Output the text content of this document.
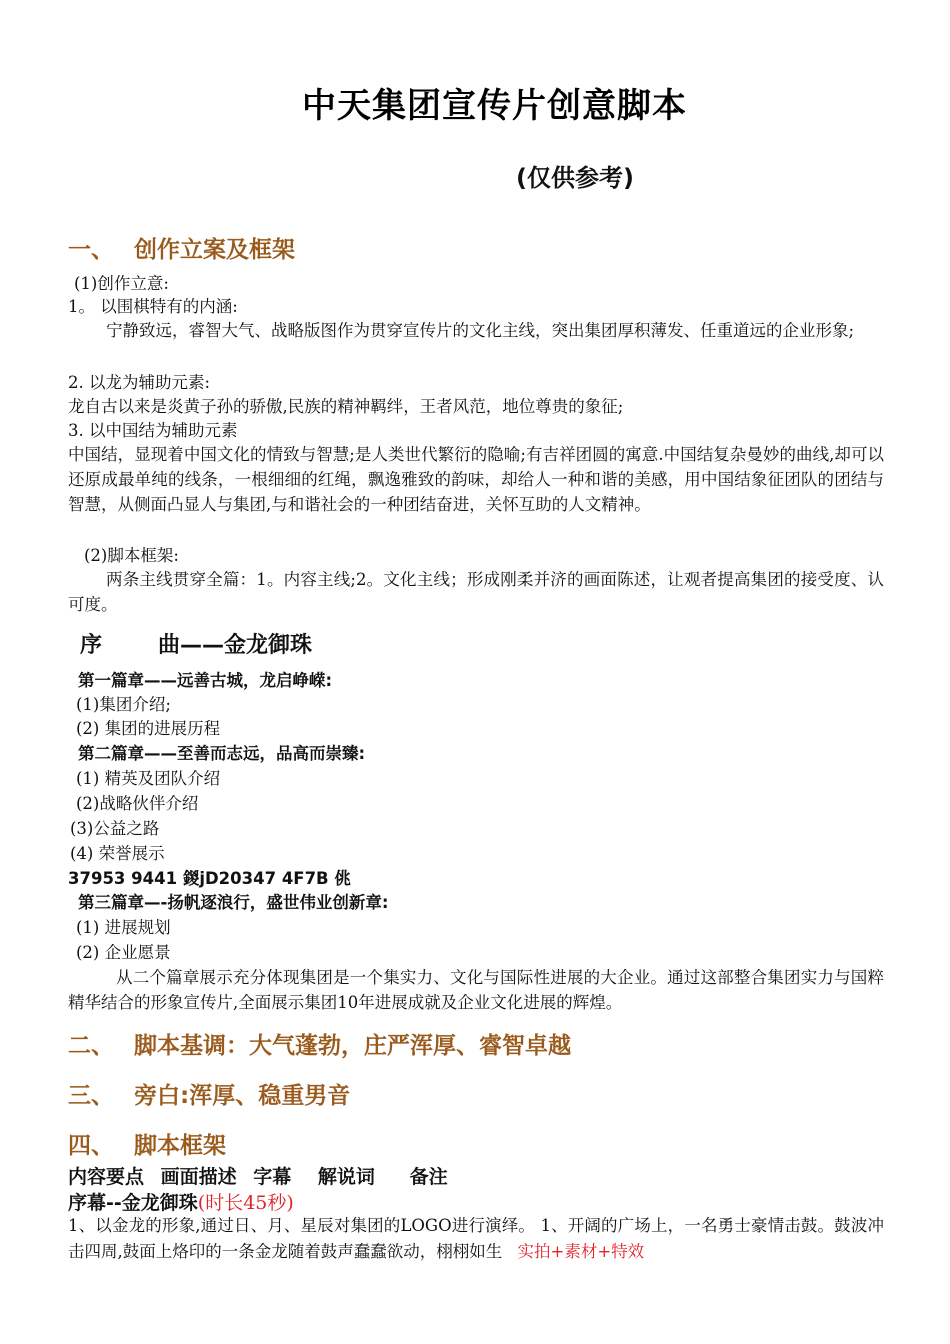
中天集团宣传片创意脚本
(仅供参考)
一、 创作立案及框架
(1)创作立意:
1。 以围棋特有的内涵:
宁静致远，睿智大气、战略版图作为贯穿宣传片的文化主线，突出集团厚积薄发、任重道远的企业形象;
2. 以龙为辅助元素:
龙自古以来是炎黄子孙的骄傲,民族的精神羁绊，王者风范，地位尊贵的象征;
3. 以中国结为辅助元素
中国结，显现着中国文化的情致与智慧;是人类世代繁衍的隐喻;有吉祥团圆的寓意.中国结复杂曼妙的曲线,却可以还原成最单纯的线条，一根细细的红绳，飘逸雅致的韵味，却给人一种和谐的美感，用中国结象征团队的团结与智慧，从侧面凸显人与集团,与和谐社会的一种团结奋进，关怀互助的人文精神。
(2)脚本框架:
两条主线贯穿全篇：1。内容主线;2。文化主线；形成刚柔并济的画面陈述，让观者提高集团的接受度、认可度。
序	曲——金龙御珠
第一篇章——远善古城，龙启峥嵘:
(1)集团介绍;
(2) 集团的进展历程
第二篇章——至善而志远，品高而崇臻:
(1) 精英及团队介绍
(2)战略伙伴介绍
(3)公益之路
(4) 荣誉展示
37953 9441 鍐jD20347 4F7B 佻
第三篇章—-扬帆逐浪行，盛世伟业创新章:
(1) 进展规划
(2) 企业愿景
从二个篇章展示充分体现集团是一个集实力、文化与国际性进展的大企业。通过这部整合集团实力与国粹精华结合的形象宣传片,全面展示集团10年进展成就及企业文化进展的辉煌。
二、 脚本基调：大气蓬勃，庄严浑厚、睿智卓越
三、 旁白:浑厚、稳重男音
四、 脚本框架
内容要点 画面描述 字幕 解说词 备注
序幕--金龙御珠(时长45秒)
1、以金龙的形象,通过日、月、星辰对集团的LOGO进行演绎。 1、开阔的广场上，一名勇士豪情击鼓。鼓波冲击四周,鼓面上烙印的一条金龙随着鼓声蠢蠢欲动，栩栩如生 实拍+素材+特效
